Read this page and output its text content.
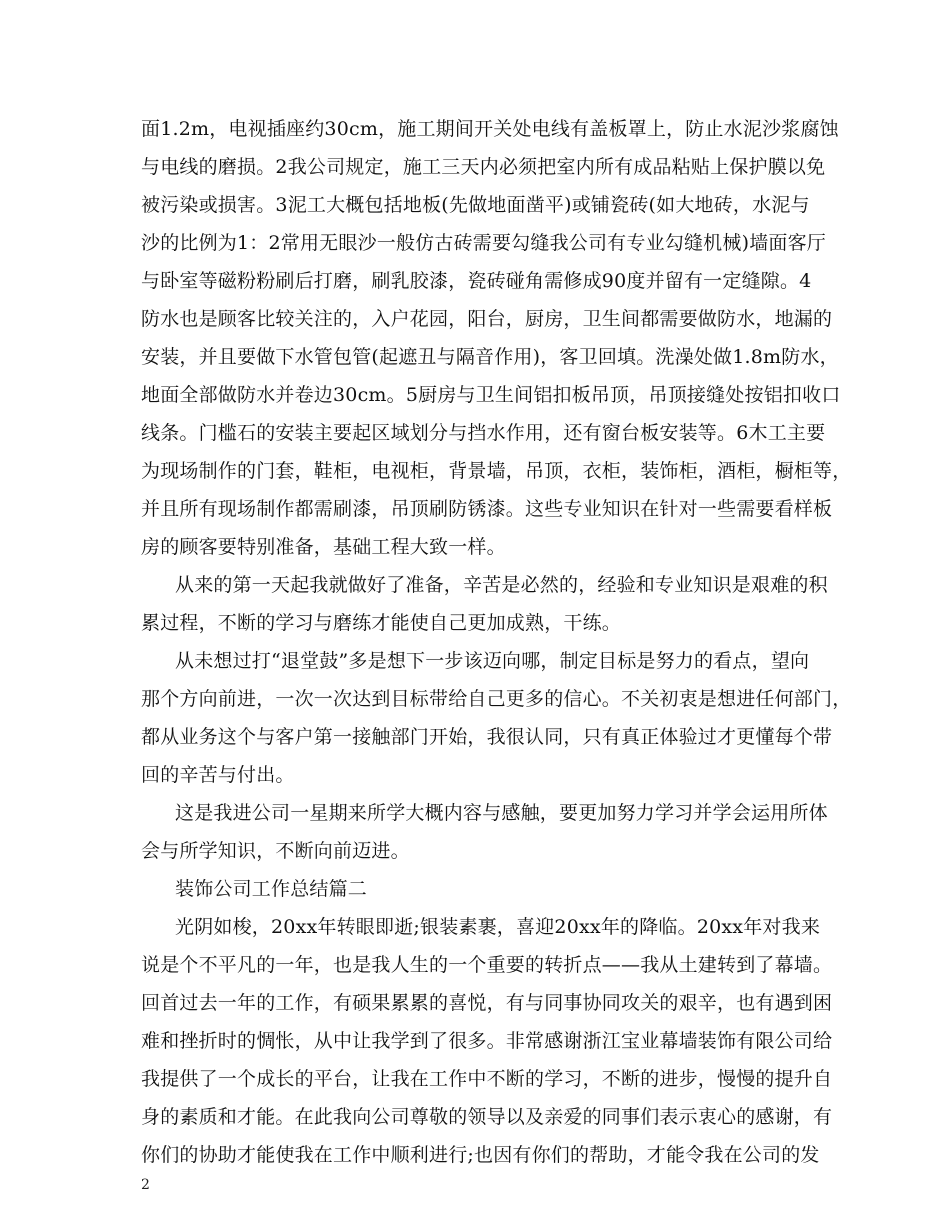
面1.2m，电视插座约30cm，施工期间开关处电线有盖板罩上，防止水泥沙浆腐蚀
与电线的磨损。2我公司规定，施工三天内必须把室内所有成品粘贴上保护膜以免
被污染或损害。3泥工大概包括地板(先做地面凿平)或铺瓷砖(如大地砖，水泥与
沙的比例为1：2常用无眼沙一般仿古砖需要勾缝我公司有专业勾缝机械)墙面客厅
与卧室等磁粉粉刷后打磨，刷乳胶漆，瓷砖碰角需修成90度并留有一定缝隙。4
防水也是顾客比较关注的，入户花园，阳台，厨房，卫生间都需要做防水，地漏的
安装，并且要做下水管包管(起遮丑与隔音作用)，客卫回填。洗澡处做1.8m防水，
地面全部做防水并卷边30cm。5厨房与卫生间铝扣板吊顶，吊顶接缝处按铝扣收口
线条。门槛石的安装主要起区域划分与挡水作用，还有窗台板安装等。6木工主要
为现场制作的门套，鞋柜，电视柜，背景墙，吊顶，衣柜，装饰柜，酒柜，橱柜等，
并且所有现场制作都需刷漆，吊顶刷防锈漆。这些专业知识在针对一些需要看样板
房的顾客要特别准备，基础工程大致一样。
从来的第一天起我就做好了准备，辛苦是必然的，经验和专业知识是艰难的积
累过程，不断的学习与磨练才能使自己更加成熟，干练。
从未想过打“退堂鼓”多是想下一步该迈向哪，制定目标是努力的看点，望向
那个方向前进，一次一次达到目标带给自己更多的信心。不关初衷是想进任何部门，
都从业务这个与客户第一接触部门开始，我很认同，只有真正体验过才更懂每个带
回的辛苦与付出。
这是我进公司一星期来所学大概内容与感触，要更加努力学习并学会运用所体
会与所学知识，不断向前迈进。
装饰公司工作总结篇二
光阴如梭，20xx年转眼即逝;银装素裹，喜迎20xx年的降临。20xx年对我来
说是个不平凡的一年，也是我人生的一个重要的转折点——我从土建转到了幕墙。
回首过去一年的工作，有硕果累累的喜悦，有与同事协同攻关的艰辛，也有遇到困
难和挫折时的惆怅，从中让我学到了很多。非常感谢浙江宝业幕墙装饰有限公司给
我提供了一个成长的平台，让我在工作中不断的学习，不断的进步，慢慢的提升自
身的素质和才能。在此我向公司尊敬的领导以及亲爱的同事们表示衷心的感谢，有
你们的协助才能使我在工作中顺利进行;也因有你们的帮助，才能令我在公司的发
2
